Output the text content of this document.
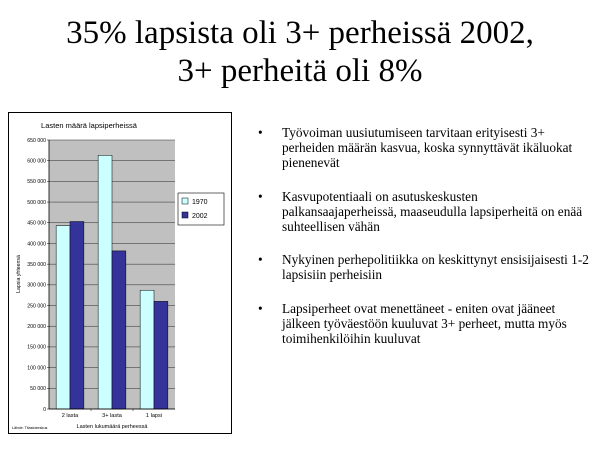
35% lapsista oli 3+ perheissä 2002,
3+ perheitä oli 8%
Lasten määrä lapsiperheissä
0
50 000
100 000
150 000
200 000
250 000
300 000
350 000
400 000
450 000
500 000
550 000
600 000
650 000
2 lasta	3+ lasta	1 lapsi
Lasten lukumäärä perheessä
Lapsia yhteensä
Lähde: Tilastokeskus
1970
2002
• Työvoiman uusiutumiseen tarvitaan erityisesti 3+ perheiden määrän kasvua, koska synnyttävät ikäluokat pienenevät
• Kasvupotentiaali on asutuskeskusten palkansaajaperheissä, maaseudulla lapsiperheitä on enää suhteellisen vähän
• Nykyinen perhepolitiikka on keskittynyt ensisijaisesti 1-2 lapsisiin perheisiin
• Lapsiperheet ovat menettäneet - eniten ovat jääneet jälkeen työväestöön kuuluvat 3+ perheet, mutta myös toimihenkilöihin kuuluvat
